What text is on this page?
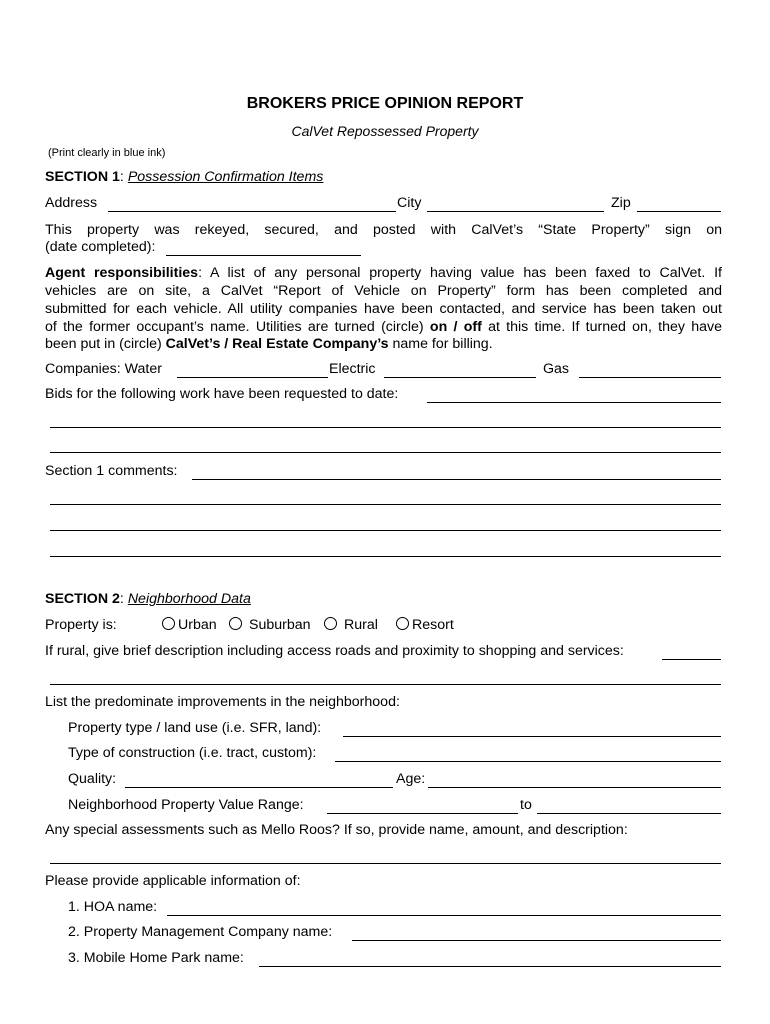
BROKERS PRICE OPINION REPORT
CalVet Repossessed Property
(Print clearly in blue ink)
SECTION 1: Possession Confirmation Items
Address	City	Zip
This property was rekeyed, secured, and posted with CalVet’s “State Property” sign on
(date completed):
Agent responsibilities: A list of any personal property having value has been faxed to CalVet. If
vehicles are on site, a CalVet “Report of Vehicle on Property” form has been completed and
submitted for each vehicle. All utility companies have been contacted, and service has been taken out
of the former occupant’s name. Utilities are turned (circle) on / off at this time. If turned on, they have
been put in (circle) CalVet’s / Real Estate Company’s name for billing.
Companies: Water	Electric	Gas
Bids for the following work have been requested to date:
Section 1 comments:
SECTION 2: Neighborhood Data
Property is:	Urban Suburban Rural Resort
If rural, give brief description including access roads and proximity to shopping and services:
List the predominate improvements in the neighborhood:
Property type / land use (i.e. SFR, land):
Type of construction (i.e. tract, custom):
Quality:	Age:
Neighborhood Property Value Range:	to
Any special assessments such as Mello Roos? If so, provide name, amount, and description:
Please provide applicable information of:
1. HOA name:
2. Property Management Company name:
3. Mobile Home Park name:
